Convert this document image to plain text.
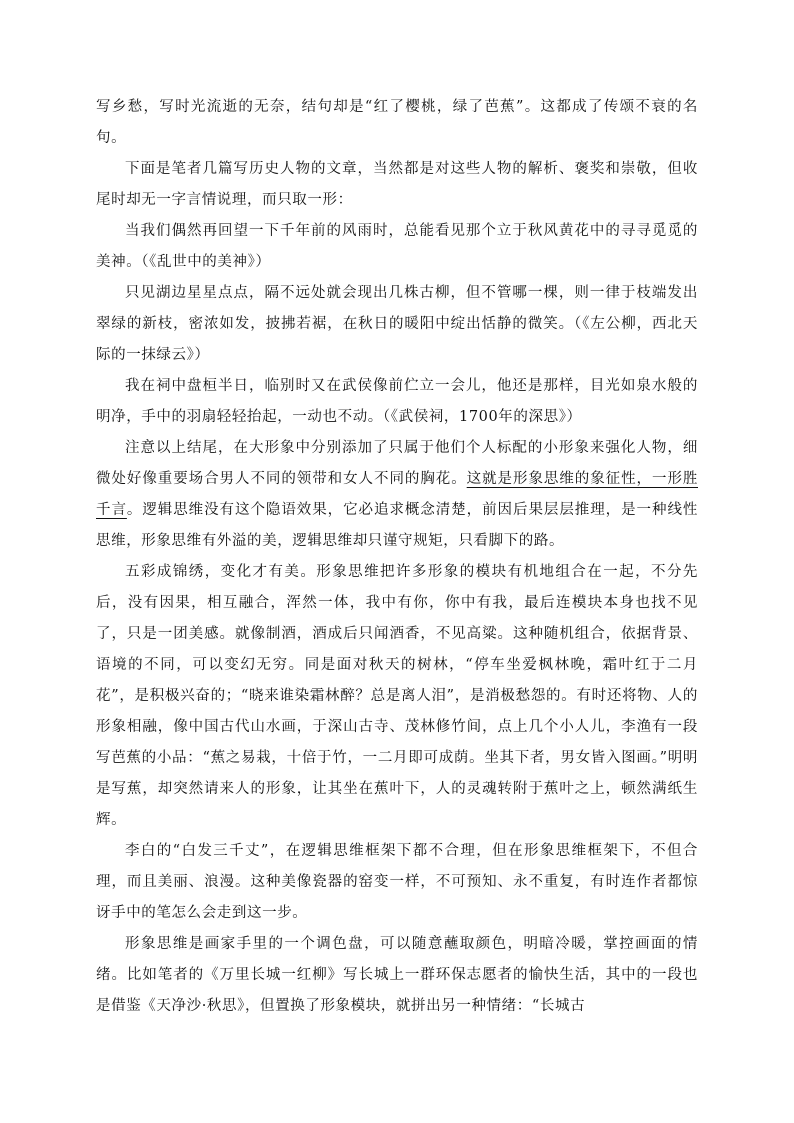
写乡愁，写时光流逝的无奈，结句却是“红了樱桃，绿了芭蕉”。这都成了传颂不衰的名句。

下面是笔者几篇写历史人物的文章，当然都是对这些人物的解析、褒奖和崇敬，但收尾时却无一字言情说理，而只取一形：

当我们偶然再回望一下千年前的风雨时，总能看见那个立于秋风黄花中的寻寻觅觅的美神。（《乱世中的美神》）

只见湖边星星点点，隔不远处就会现出几株古柳，但不管哪一棵，则一律于枝端发出翠绿的新枝，密浓如发，披拂若裾，在秋日的暖阳中绽出恬静的微笑。（《左公柳，西北天际的一抹绿云》）

我在祠中盘桓半日，临别时又在武侯像前伫立一会儿，他还是那样，目光如泉水般的明净，手中的羽扇轻轻抬起，一动也不动。（《武侯祠，1700年的深思》）

注意以上结尾，在大形象中分别添加了只属于他们个人标配的小形象来强化人物，细微处好像重要场合男人不同的领带和女人不同的胸花。这就是形象思维的象征性，一形胜千言。逻辑思维没有这个隐语效果，它必追求概念清楚，前因后果层层推理，是一种线性思维，形象思维有外溢的美，逻辑思维却只谨守规矩，只看脚下的路。

五彩成锦绣，变化才有美。形象思维把许多形象的模块有机地组合在一起，不分先后，没有因果，相互融合，浑然一体，我中有你，你中有我，最后连模块本身也找不见了，只是一团美感。就像制酒，酒成后只闻酒香，不见高粱。这种随机组合，依据背景、语境的不同，可以变幻无穷。同是面对秋天的树林，“停车坐爱枫林晚，霜叶红于二月花”，是积极兴奋的；“晓来谁染霜林醉？总是离人泪”，是消极愁怨的。有时还将物、人的形象相融，像中国古代山水画，于深山古寺、茂林修竹间，点上几个小人儿，李渔有一段写芭蕉的小品：“蕉之易栽，十倍于竹，一二月即可成荫。坐其下者，男女皆入图画。”明明是写蕉，却突然请来人的形象，让其坐在蕉叶下，人的灵魂转附于蕉叶之上，顿然满纸生辉。

李白的“白发三千丈”，在逻辑思维框架下都不合理，但在形象思维框架下，不但合理，而且美丽、浪漫。这种美像瓷器的窑变一样，不可预知、永不重复，有时连作者都惊讶手中的笔怎么会走到这一步。

形象思维是画家手里的一个调色盘，可以随意蘸取颜色，明暗冷暖，掌控画面的情绪。比如笔者的《万里长城一红柳》写长城上一群环保志愿者的愉快生活，其中的一段也是借鉴《天净沙·秋思》，但置换了形象模块，就拼出另一种情绪：“长城古
